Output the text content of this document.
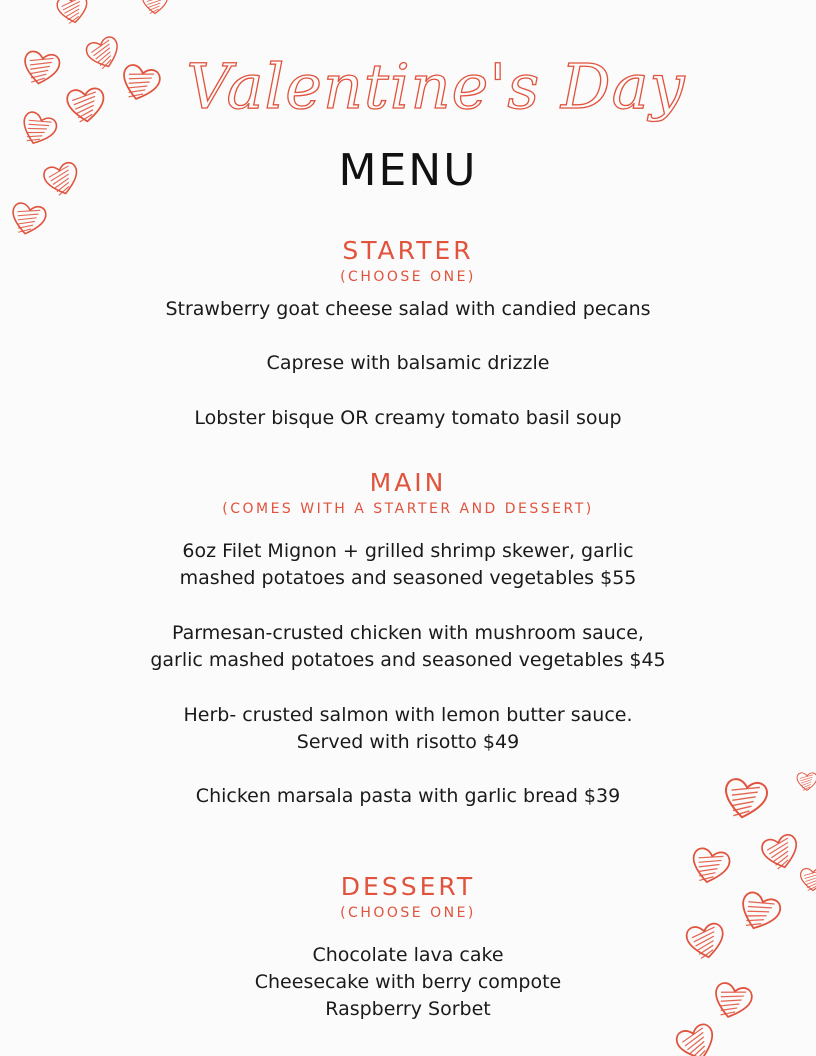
Valentine's Day
MENU
STARTER
(CHOOSE ONE)
Strawberry goat cheese salad with candied pecans
Caprese with balsamic drizzle
Lobster bisque OR creamy tomato basil soup
MAIN
(COMES WITH A STARTER AND DESSERT)
6oz Filet Mignon + grilled shrimp skewer, garlic
mashed potatoes and seasoned vegetables $55
Parmesan-crusted chicken with mushroom sauce,
garlic mashed potatoes and seasoned vegetables $45
Herb- crusted salmon with lemon butter sauce.
Served with risotto $49
Chicken marsala pasta with garlic bread $39
DESSERT
(CHOOSE ONE)
Chocolate lava cake
Cheesecake with berry compote
Raspberry Sorbet
